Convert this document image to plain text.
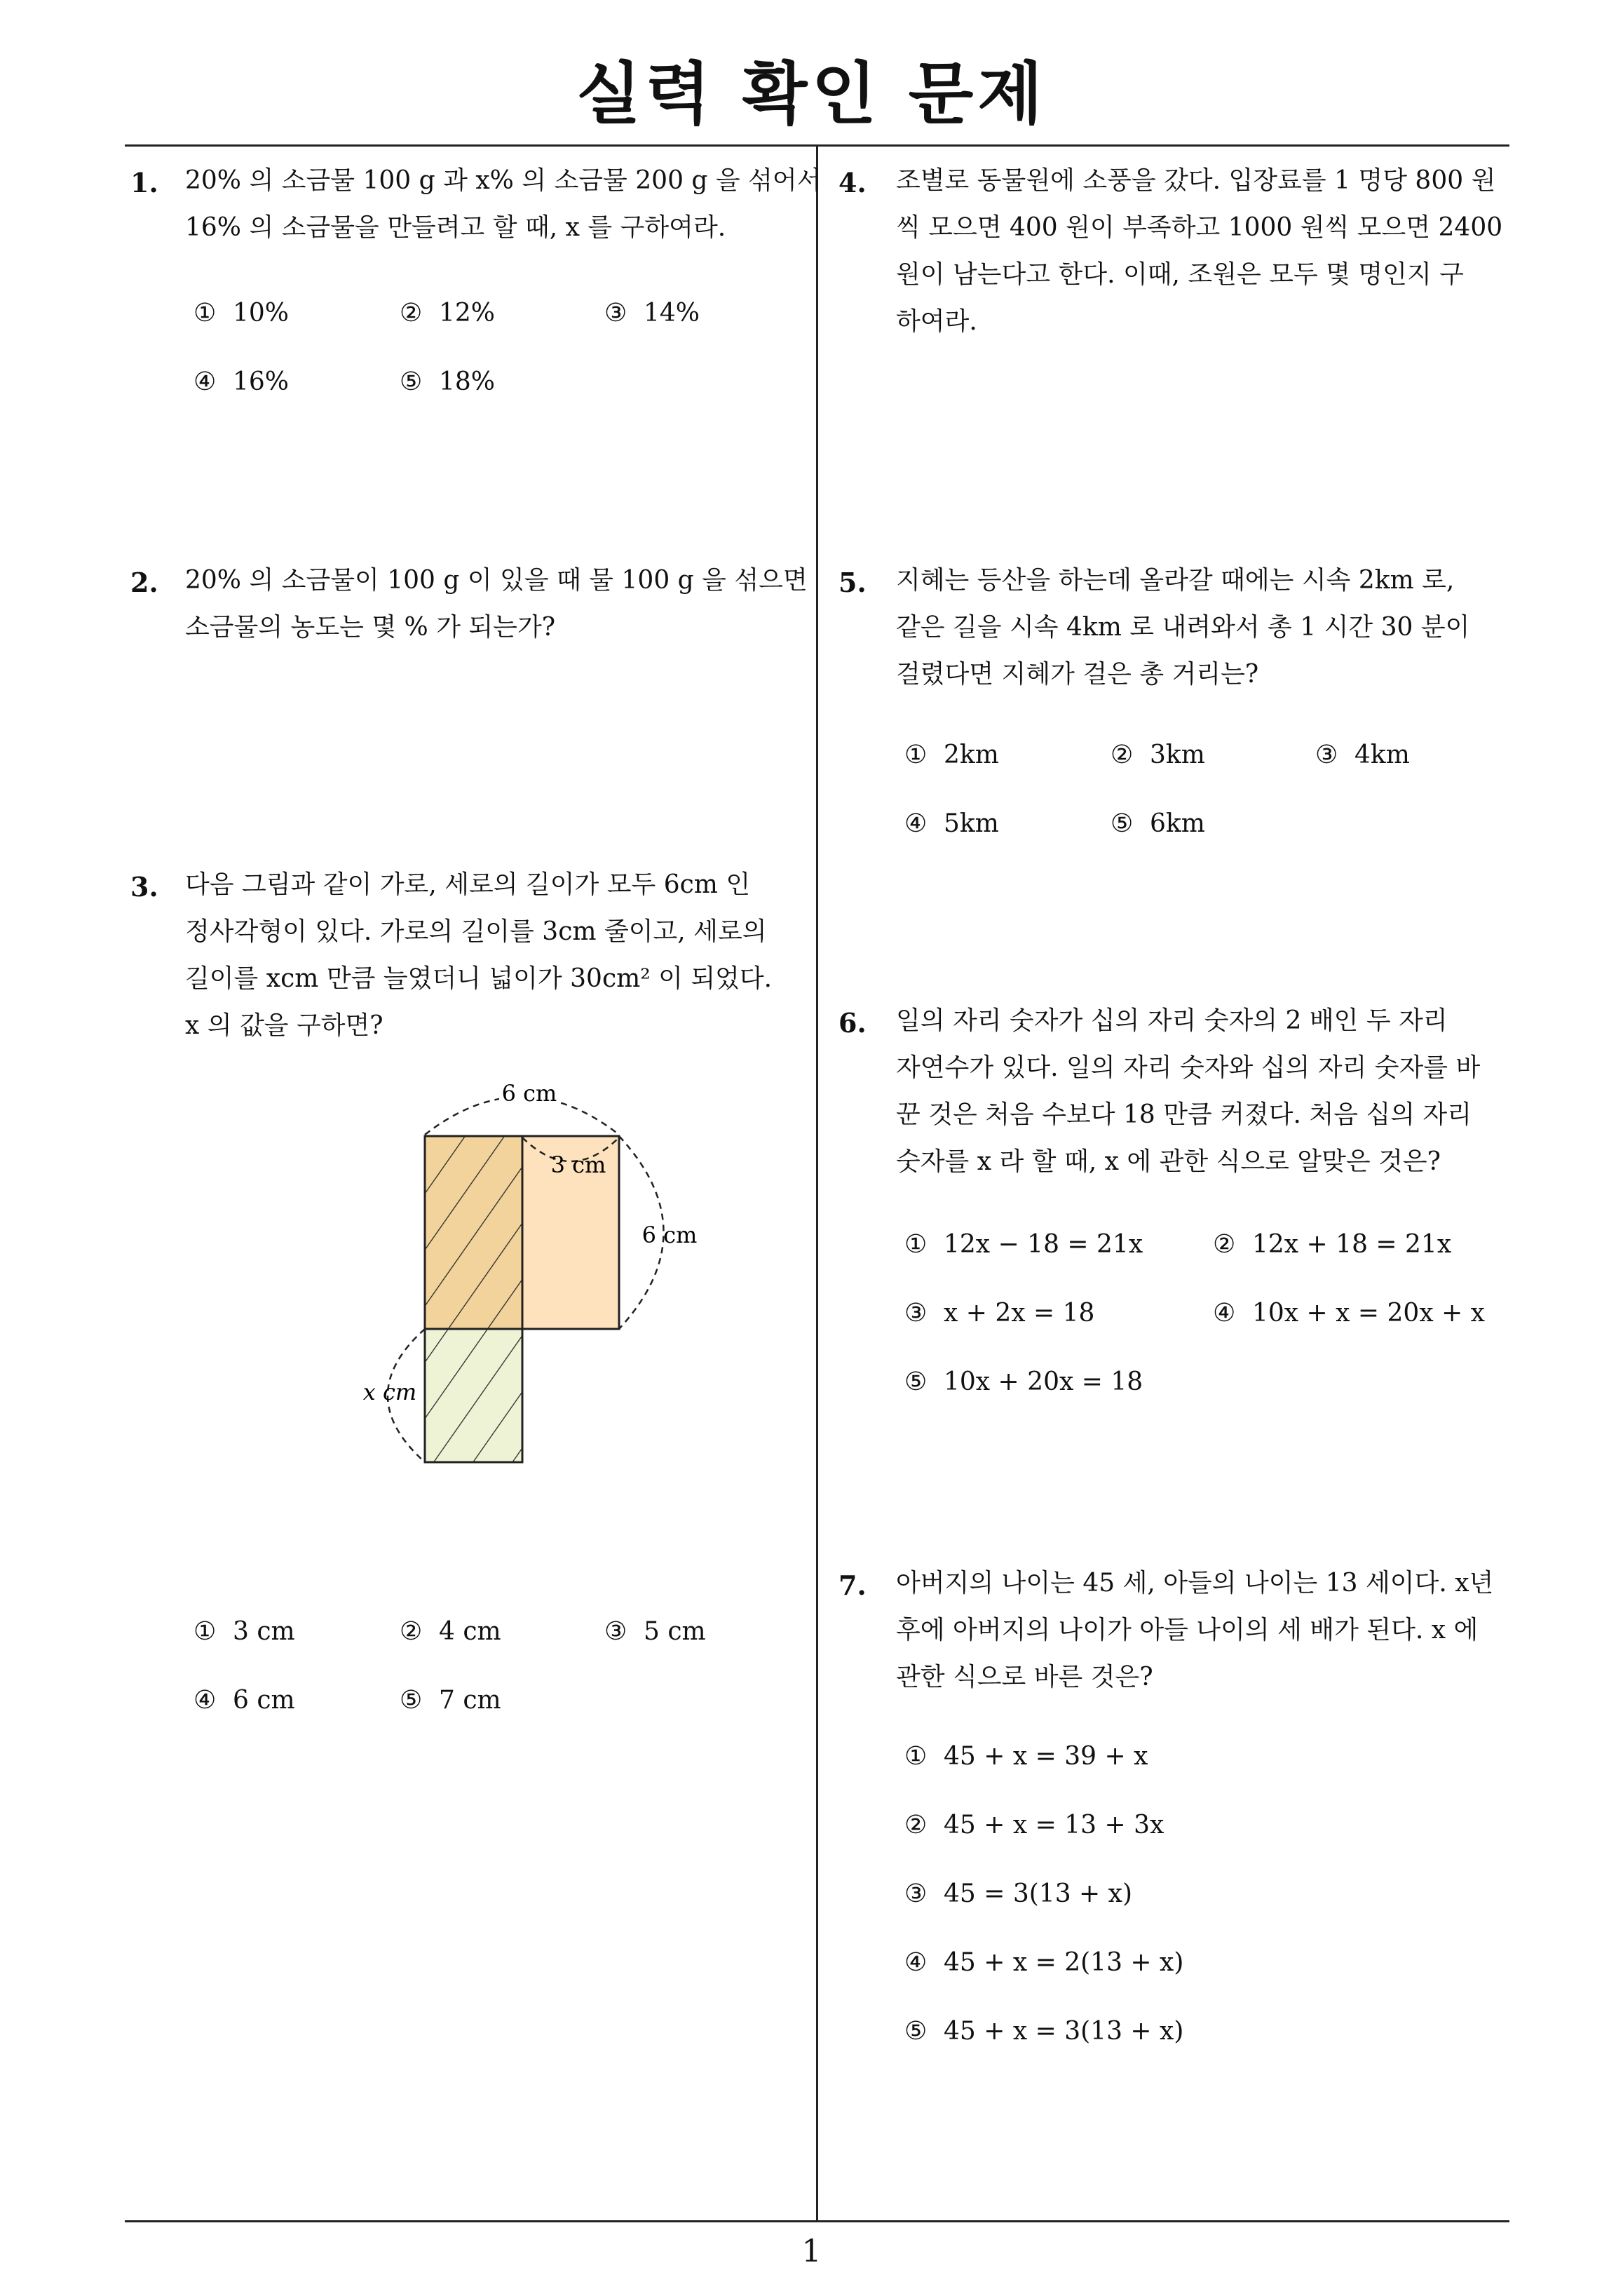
실력 확인 문제
1. 20% 의 소금물 100 g 과 x% 의 소금물 200 g 을 섞어서

16% 의 소금물을 만들려고 할 때, x 를 구하여라.

① 10%	② 12%	③ 14%
④ 16%	⑤ 18%
2. 20% 의 소금물이 100 g 이 있을 때 물 100 g 을 섞으면

소금물의 농도는 몇 % 가 되는가?

3. 다음 그림과 같이 가로, 세로의 길이가 모두 6cm 인

정사각형이 있다. 가로의 길이를 3cm 줄이고, 세로의

길이를 xcm 만큼 늘였더니 넓이가 30cm² 이 되었다.

x 의 값을 구하면?

6 cm
3 cm
6 cm
x cm
① 3 cm	② 4 cm	③ 5 cm
④ 6 cm	⑤ 7 cm
4. 조별로 동물원에 소풍을 갔다. 입장료를 1 명당 800 원

씩 모으면 400 원이 부족하고 1000 원씩 모으면 2400

원이 남는다고 한다. 이때, 조원은 모두 몇 명인지 구

하여라.

5. 지혜는 등산을 하는데 올라갈 때에는 시속 2km 로,

같은 길을 시속 4km 로 내려와서 총 1 시간 30 분이

걸렸다면 지혜가 걸은 총 거리는?

① 2km	② 3km	③ 4km
④ 5km	⑤ 6km
6. 일의 자리 숫자가 십의 자리 숫자의 2 배인 두 자리

자연수가 있다. 일의 자리 숫자와 십의 자리 숫자를 바

꾼 것은 처음 수보다 18 만큼 커졌다. 처음 십의 자리

숫자를 x 라 할 때, x 에 관한 식으로 알맞은 것은?

① 12x − 18 = 21x	② 12x + 18 = 21x
③ x + 2x = 18	④ 10x + x = 20x + x
⑤ 10x + 20x = 18
7. 아버지의 나이는 45 세, 아들의 나이는 13 세이다. x년

후에 아버지의 나이가 아들 나이의 세 배가 된다. x 에

관한 식으로 바른 것은?

① 45 + x = 39 + x
② 45 + x = 13 + 3x
③ 45 = 3(13 + x)
④ 45 + x = 2(13 + x)
⑤ 45 + x = 3(13 + x)
1
